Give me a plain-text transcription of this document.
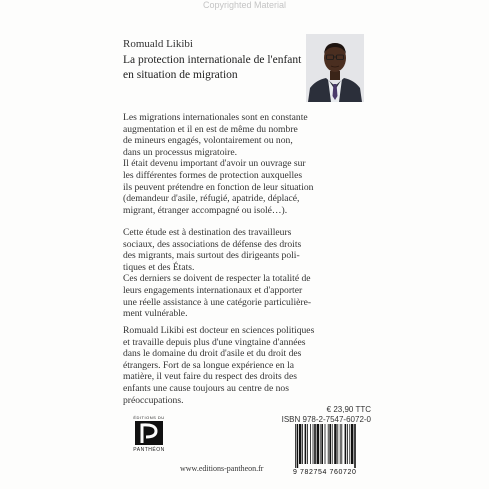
Copyrighted Material
Romuald Likibi
La protection internationale de l'enfant
en situation de migration
Les migrations internationales sont en constante
augmentation et il en est de même du nombre
de mineurs engagés, volontairement ou non,
dans un processus migratoire.
Il était devenu important d'avoir un ouvrage sur
les différentes formes de protection auxquelles
ils peuvent prétendre en fonction de leur situation
(demandeur d'asile, réfugié, apatride, déplacé,
migrant, étranger accompagné ou isolé…).
Cette étude est à destination des travailleurs
sociaux, des associations de défense des droits
des migrants, mais surtout des dirigeants poli-
tiques et des États.
Ces derniers se doivent de respecter la totalité de
leurs engagements internationaux et d'apporter
une réelle assistance à une catégorie particulière-
ment vulnérable.
Romuald Likibi est docteur en sciences politiques
et travaille depuis plus d'une vingtaine d'années
dans le domaine du droit d'asile et du droit des
étrangers. Fort de sa longue expérience en la
matière, il veut faire du respect des droits des
enfants une cause toujours au centre de nos
préoccupations.
€ 23,90 TTC
ISBN 978-2-7547-6072-0
ÉDITIONS DU
PANTHÉON
www.editions-pantheon.fr	9 782754 760720
